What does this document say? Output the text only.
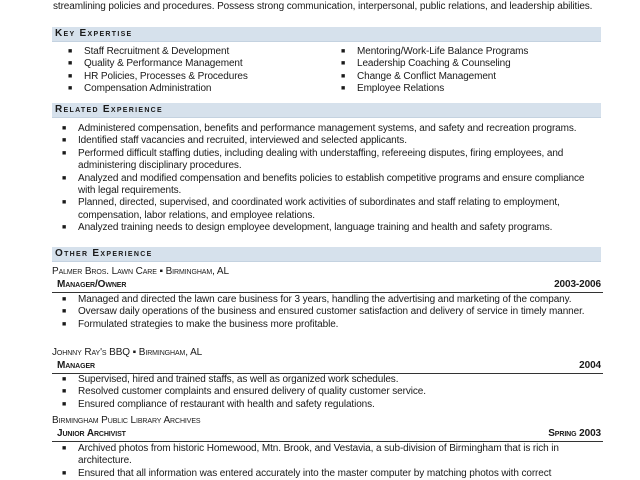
streamlining policies and procedures. Possess strong communication, interpersonal, public relations, and leadership abilities.
Key Expertise
■ Staff Recruitment & Development
■ Quality & Performance Management
■ HR Policies, Processes & Procedures
■ Compensation Administration
■ Mentoring/Work-Life Balance Programs
■ Leadership Coaching & Counseling
■ Change & Conflict Management
■ Employee Relations
Related Experience
■ Administered compensation, benefits and performance management systems, and safety and recreation programs.
■ Identified staff vacancies and recruited, interviewed and selected applicants.
■ Performed difficult staffing duties, including dealing with understaffing, refereeing disputes, firing employees, and administering disciplinary procedures.
■ Analyzed and modified compensation and benefits policies to establish competitive programs and ensure compliance with legal requirements.
■ Planned, directed, supervised, and coordinated work activities of subordinates and staff relating to employment, compensation, labor relations, and employee relations.
■ Analyzed training needs to design employee development, language training and health and safety programs.
Other Experience
Palmer Bros. Lawn Care ▪ Birmingham, AL
Manager/Owner	2003-2006
■ Managed and directed the lawn care business for 3 years, handling the advertising and marketing of the company.
■ Oversaw daily operations of the business and ensured customer satisfaction and delivery of service in timely manner.
■ Formulated strategies to make the business more profitable.
Johnny Ray's BBQ ▪ Birmingham, AL
Manager	2004
■ Supervised, hired and trained staffs, as well as organized work schedules.
■ Resolved customer complaints and ensured delivery of quality customer service.
■ Ensured compliance of restaurant with health and safety regulations.
Birmingham Public Library Archives
Junior Archivist	Spring 2003
■ Archived photos from historic Homewood, Mtn. Brook, and Vestavia, a sub-division of Birmingham that is rich in architecture.
■ Ensured that all information was entered accurately into the master computer by matching photos with correct
